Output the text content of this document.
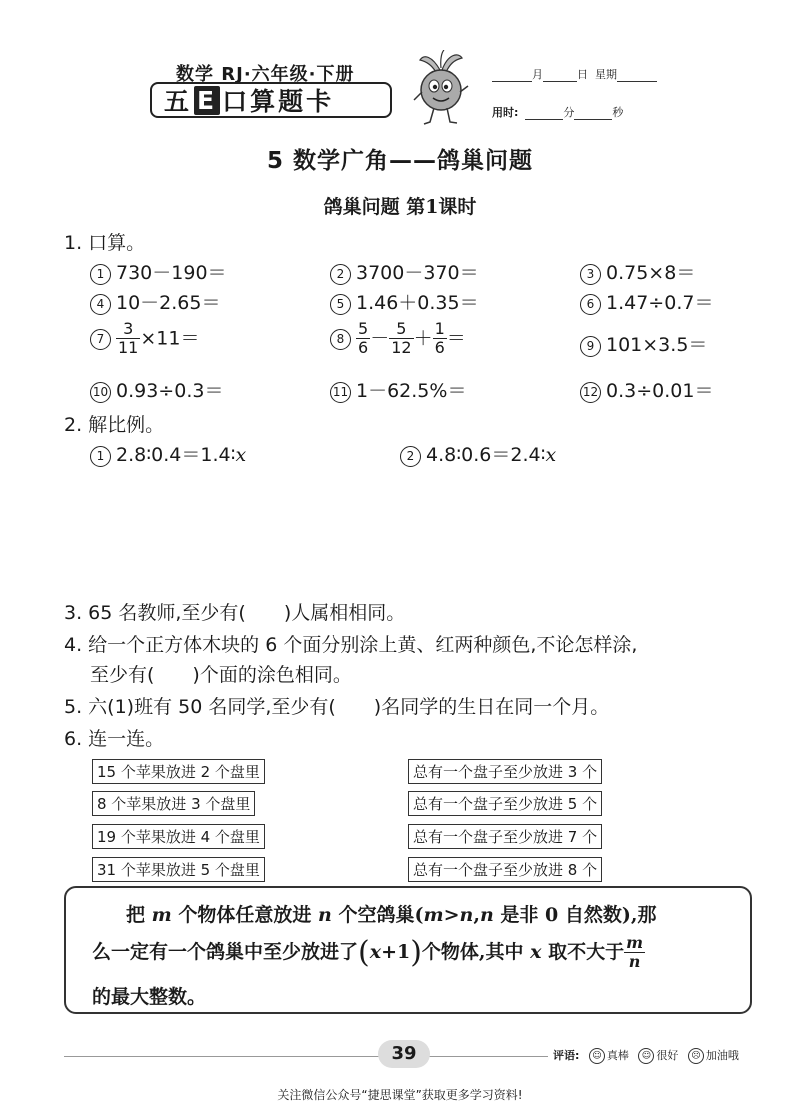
数学 RJ·六年级·下册
五 E 口算题卡
月	日 星期
用时:	分	秒
5 数学广角——鸽巢问题
鸽巢问题 第1课时
1. 口算。
1 730－190＝	2 3700－370＝	3 0.75×8＝
4 10－2.65＝	5 1.46＋0.35＝	6 1.47÷0.7＝
$7 \frac{3}{11} \times 11=$	$8 \frac{5}{6} - \frac{5}{12} + \frac{1}{6}$ ＝	9 101×3.5＝
10 0.93÷0.3＝	11 1－62.5%＝	12 0.3÷0.01＝
2. 解比例。
1 2.8∶0.4＝1.4∶x	2 4.8∶0.6＝2.4∶x
3. 65 名教师,至少有(　　)人属相相同。
4. 给一个正方体木块的 6 个面分别涂上黄、红两种颜色,不论怎样涂,
至少有(　　)个面的涂色相同。
5. 六(1)班有 50 名同学,至少有(　　)名同学的生日在同一个月。
6. 连一连。
15 个苹果放进 2 个盘里
8 个苹果放进 3 个盘里
19 个苹果放进 4 个盘里
31 个苹果放进 5 个盘里
总有一个盘子至少放进 3 个
总有一个盘子至少放进 5 个
总有一个盘子至少放进 7 个
总有一个盘子至少放进 8 个
把 m 个物体任意放进 n 个空鸽巢(m>n,n 是非 0 自然数),那
么一定有一个鸽巢中至少放进了(x+1)个物体,其中 x 取不大于 $\frac{m}{n}$
的最大整数。
39	评语: ☺ 真棒 ☺ 很好 ☹ 加油哦
关注微信公众号“捷思课堂”获取更多学习资料!
